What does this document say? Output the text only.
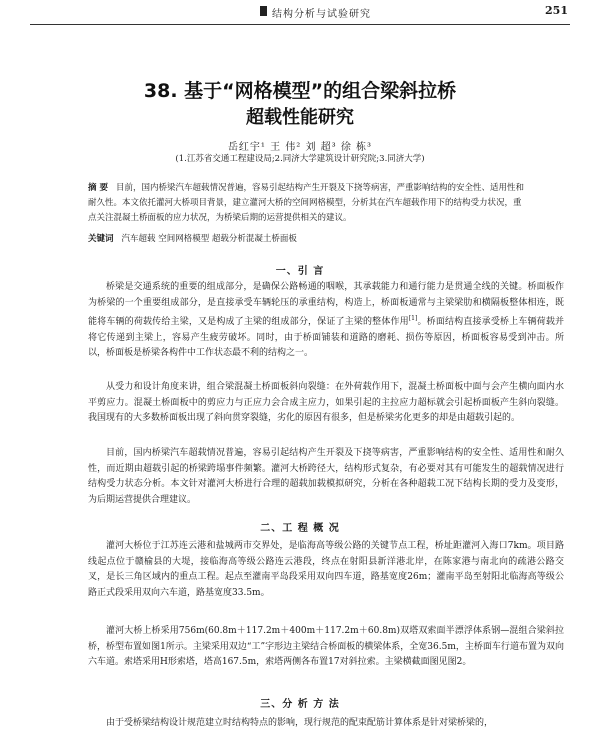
结构分析与试验研究	251
38. 基于“网格模型”的组合梁斜拉桥
超载性能研究
岳红宇¹ 王 伟² 刘 超³ 徐 栋³
(1.江苏省交通工程建设局;2.同济大学建筑设计研究院;3.同济大学)
摘 要 目前，国内桥梁汽车超载情况普遍，容易引起结构产生开裂及下挠等病害，严重影响结构的安全性、适用性和耐久性。本文依托灌河大桥项目背景，建立灌河大桥的空间网格模型，分析其在汽车超载作用下的结构受力状况，重点关注混凝土桥面板的应力状况，为桥梁后期的运营提供相关的建议。
关键词 汽车超载 空间网格模型 超载分析混凝土桥面板
一、引 言
桥梁是交通系统的重要的组成部分，是确保公路畅通的咽喉，其承载能力和通行能力是贯通全线的关键。桥面板作为桥梁的一个重要组成部分，是直接承受车辆轮压的承重结构，构造上，桥面板通常与主梁梁肋和横隔板整体相连，既能将车辆的荷载传给主梁，又是构成了主梁的组成部分，保证了主梁的整体作用[1]。桥面结构直接承受桥上车辆荷载并将它传递到主梁上，容易产生疲劳破坏。同时，由于桥面铺装和道路的磨耗、损伤等原因，桥面板容易受到冲击。所以，桥面板是桥梁各构件中工作状态最不利的结构之一。
从受力和设计角度来讲，组合梁混凝土桥面板斜向裂缝：在外荷载作用下，混凝土桥面板中面与会产生横向面内水平剪应力。混凝土桥面板中的剪应力与正应力会合成主应力，如果引起的主拉应力超标就会引起桥面板产生斜向裂缝。我国现有的大多数桥面板出现了斜向贯穿裂缝，劣化的原因有很多，但是桥梁劣化更多的却是由超载引起的。
目前，国内桥梁汽车超载情况普遍，容易引起结构产生开裂及下挠等病害，严重影响结构的安全性、适用性和耐久性，而近期由超载引起的桥梁跨塌事件频繁。灌河大桥跨径大，结构形式复杂，有必要对其有可能发生的超载情况进行结构受力状态分析。本文针对灌河大桥进行合理的超载加载模拟研究，分析在各种超载工况下结构长期的受力及变形，为后期运营提供合理建议。
二、工 程 概 况
灌河大桥位于江苏连云港和盐城两市交界处，是临海高等级公路的关键节点工程，桥址距灌河入海口7km。项目路线起点位于赣榆县的大堤，接临海高等级公路连云港段，终点在射阳县新洋港北岸，在陈家港与南北向的疏港公路交叉，是长三角区域内的重点工程。起点至灌南平岛段采用双向四车道，路基宽度26m；灌南平岛至射阳北临海高等级公路正式段采用双向六车道，路基宽度33.5m。
灌河大桥上桥采用756m(60.8m＋117.2m＋400m＋117.2m＋60.8m)双塔双索面半漂浮体系钢—混组合梁斜拉桥，桥型布置如图1所示。主梁采用双边“工”字形边主梁结合桥面板的横梁体系，全宽36.5m，主桥面车行道布置为双向六车道。索塔采用H形索塔，塔高167.5m，索塔两侧各布置17对斜拉索。主梁横截面图见图2。
三、分 析 方 法
由于受桥梁结构设计规范建立时结构特点的影响，现行规范的配束配筋计算体系是针对梁桥梁的，
